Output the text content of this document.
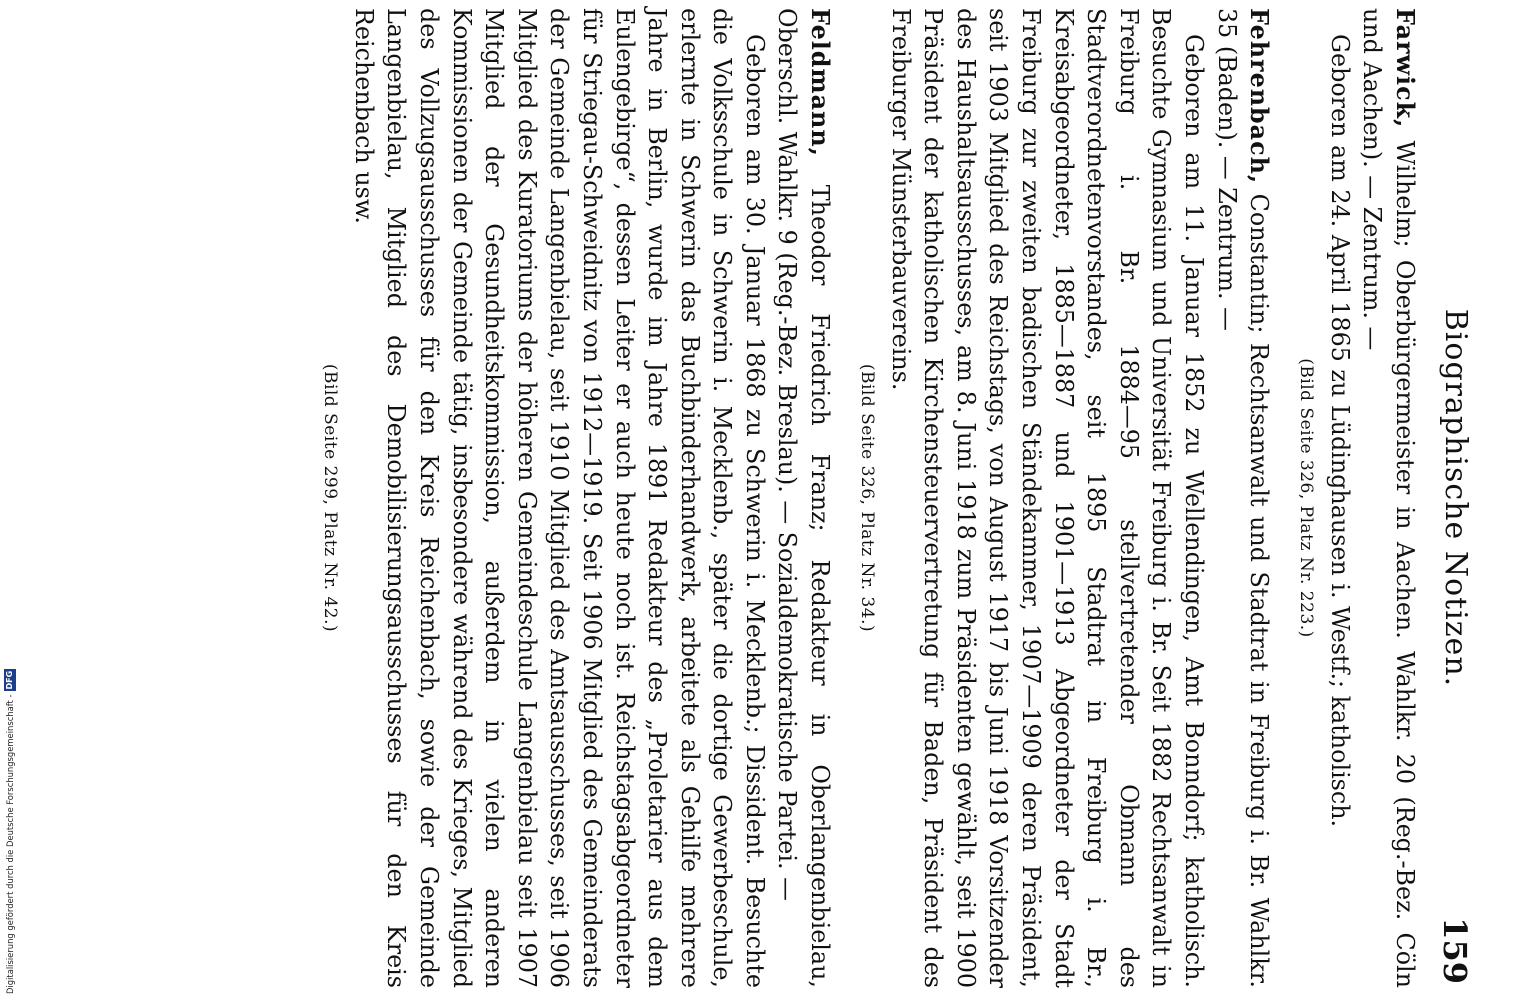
Biographische Notizen.
159

Farwick, Wilhelm; Oberbürgermeister in Aachen. Wahlkr. 20 (Reg.-Bez. Cöln und Aachen). — Zentrum. —

Geboren am 24. April 1865 zu Lüdinghausen i. Westf.; katholisch.

(Bild Seite 326, Platz Nr. 223.)

Fehrenbach, Constantin; Rechtsanwalt und Stadtrat in Freiburg i. Br. Wahlkr. 35 (Baden). — Zentrum. —

Geboren am 11. Januar 1852 zu Wellendingen, Amt Bonndorf; katholisch. Besuchte Gymnasium und Universität Freiburg i. Br. Seit 1882 Rechtsanwalt in Freiburg i. Br. 1884—95 stellvertretender Obmann des Stadtverordnetenvorstandes, seit 1895 Stadtrat in Freiburg i. Br., Kreisabgeordneter, 1885—1887 und 1901—1913 Abgeordneter der Stadt Freiburg zur zweiten badischen Ständekammer, 1907—1909 deren Präsident, seit 1903 Mitglied des Reichstags, von August 1917 bis Juni 1918 Vorsitzender des Haushaltsausschusses, am 8. Juni 1918 zum Präsidenten gewählt, seit 1900 Präsident der katholischen Kirchensteuervertretung für Baden, Präsident des Freiburger Münsterbauvereins.

(Bild Seite 326, Platz Nr. 34.)

Feldmann, Theodor Friedrich Franz; Redakteur in Oberlangenbielau, Oberschl. Wahlkr. 9 (Reg.-Bez. Breslau). — Sozialdemokratische Partei. —

Geboren am 30. Januar 1868 zu Schwerin i. Mecklenb.; Dissident. Besuchte die Volksschule in Schwerin i. Mecklenb., später die dortige Gewerbeschule, erlernte in Schwerin das Buchbinderhandwerk, arbeitete als Gehilfe mehrere Jahre in Berlin, wurde im Jahre 1891 Redakteur des „Proletarier aus dem Eulengebirge“, dessen Leiter er auch heute noch ist. Reichstagsabgeordneter für Striegau-Schweidnitz von 1912—1919. Seit 1906 Mitglied des Gemeinderats der Gemeinde Langenbielau, seit 1910 Mitglied des Amtsausschusses, seit 1906 Mitglied des Kuratoriums der höheren Gemeindeschule Langenbielau seit 1907 Mitglied der Gesundheitskommission, außerdem in vielen anderen Kommissionen der Gemeinde tätig, insbesondere während des Krieges, Mitglied des Vollzugsausschusses für den Kreis Reichenbach, sowie der Gemeinde Langenbielau, Mitglied des Demobilisierungsausschusses für den Kreis Reichenbach usw.

(Bild Seite 299, Platz Nr. 42.)
Digitalisierung gefördert durch die Deutsche Forschungsgemeinschaft -DFG
